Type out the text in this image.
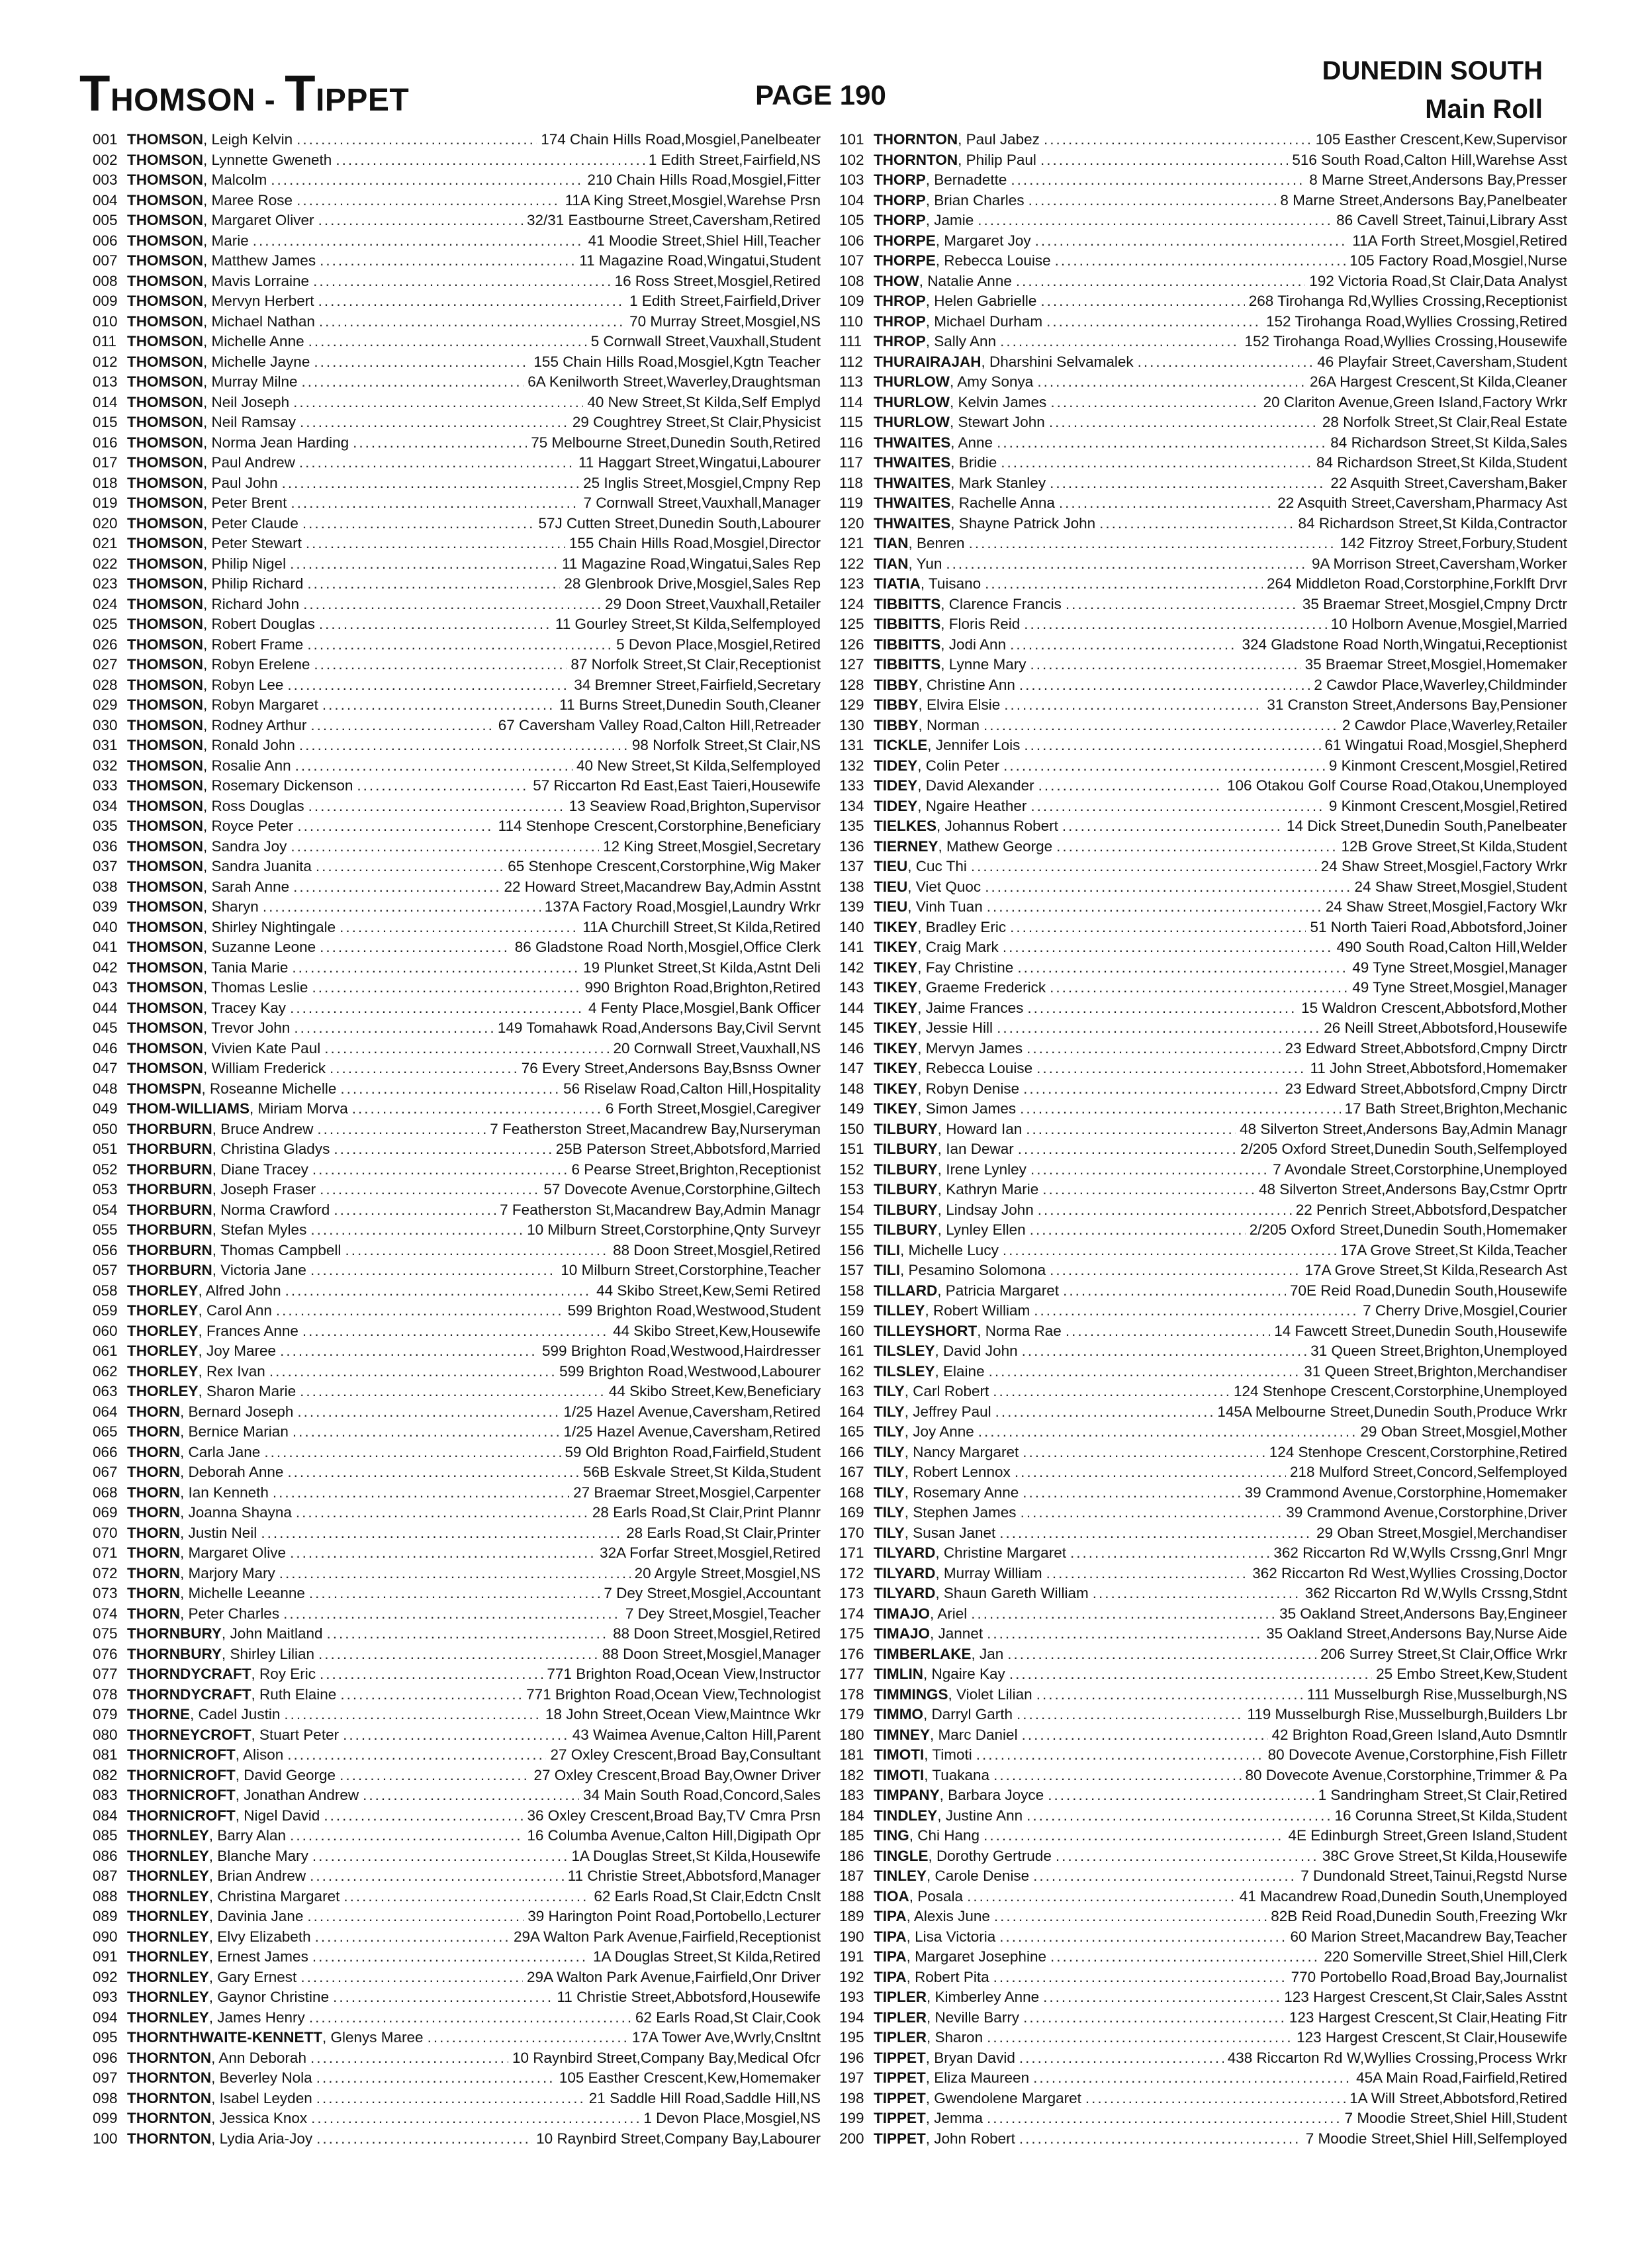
THOMSON - TIPPET	PAGE 190
DUNEDIN SOUTH
Main Roll
001 THOMSON, Leigh Kelvin .....	174 Chain Hills Road,Mosgiel,Panelbeater
002 THOMSON, Lynnette Gweneth .....	1 Edith Street,Fairfield,NS
003 THOMSON, Malcolm .....	210 Chain Hills Road,Mosgiel,Fitter
004 THOMSON, Maree Rose .....	11A King Street,Mosgiel,Warehse Prsn
005 THOMSON, Margaret Oliver .....	32/31 Eastbourne Street,Caversham,Retired
006 THOMSON, Marie .....	41 Moodie Street,Shiel Hill,Teacher
007 THOMSON, Matthew James .....	11 Magazine Road,Wingatui,Student
008 THOMSON, Mavis Lorraine .....	16 Ross Street,Mosgiel,Retired
009 THOMSON, Mervyn Herbert .....	1 Edith Street,Fairfield,Driver
010 THOMSON, Michael Nathan .....	70 Murray Street,Mosgiel,NS
011 THOMSON, Michelle Anne .....	5 Cornwall Street,Vauxhall,Student
012 THOMSON, Michelle Jayne .....	155 Chain Hills Road,Mosgiel,Kgtn Teacher
013 THOMSON, Murray Milne .....	6A Kenilworth Street,Waverley,Draughtsman
014 THOMSON, Neil Joseph .....	40 New Street,St Kilda,Self Emplyd
015 THOMSON, Neil Ramsay .....	29 Coughtrey Street,St Clair,Physicist
016 THOMSON, Norma Jean Harding .....	75 Melbourne Street,Dunedin South,Retired
017 THOMSON, Paul Andrew .....	11 Haggart Street,Wingatui,Labourer
018 THOMSON, Paul John .....	25 Inglis Street,Mosgiel,Cmpny Rep
019 THOMSON, Peter Brent .....	7 Cornwall Street,Vauxhall,Manager
020 THOMSON, Peter Claude .....	57J Cutten Street,Dunedin South,Labourer
021 THOMSON, Peter Stewart .....	155 Chain Hills Road,Mosgiel,Director
022 THOMSON, Philip Nigel .....	11 Magazine Road,Wingatui,Sales Rep
023 THOMSON, Philip Richard .....	28 Glenbrook Drive,Mosgiel,Sales Rep
024 THOMSON, Richard John .....	29 Doon Street,Vauxhall,Retailer
025 THOMSON, Robert Douglas .....	11 Gourley Street,St Kilda,Selfemployed
026 THOMSON, Robert Frame .....	5 Devon Place,Mosgiel,Retired
027 THOMSON, Robyn Erelene .....	87 Norfolk Street,St Clair,Receptionist
028 THOMSON, Robyn Lee .....	34 Bremner Street,Fairfield,Secretary
029 THOMSON, Robyn Margaret .....	11 Burns Street,Dunedin South,Cleaner
030 THOMSON, Rodney Arthur .....	67 Caversham Valley Road,Calton Hill,Retreader
031 THOMSON, Ronald John .....	98 Norfolk Street,St Clair,NS
032 THOMSON, Rosalie Ann .....	40 New Street,St Kilda,Selfemployed
033 THOMSON, Rosemary Dickenson .....	57 Riccarton Rd East,East Taieri,Housewife
034 THOMSON, Ross Douglas .....	13 Seaview Road,Brighton,Supervisor
035 THOMSON, Royce Peter .....	114 Stenhope Crescent,Corstorphine,Beneficiary
036 THOMSON, Sandra Joy .....	12 King Street,Mosgiel,Secretary
037 THOMSON, Sandra Juanita .....	65 Stenhope Crescent,Corstorphine,Wig Maker
038 THOMSON, Sarah Anne .....	22 Howard Street,Macandrew Bay,Admin Asstnt
039 THOMSON, Sharyn .....	137A Factory Road,Mosgiel,Laundry Wrkr
040 THOMSON, Shirley Nightingale .....	11A Churchill Street,St Kilda,Retired
041 THOMSON, Suzanne Leone .....	86 Gladstone Road North,Mosgiel,Office Clerk
042 THOMSON, Tania Marie .....	19 Plunket Street,St Kilda,Astnt Deli
043 THOMSON, Thomas Leslie .....	990 Brighton Road,Brighton,Retired
044 THOMSON, Tracey Kay .....	4 Fenty Place,Mosgiel,Bank Officer
045 THOMSON, Trevor John .....	149 Tomahawk Road,Andersons Bay,Civil Servnt
046 THOMSON, Vivien Kate Paul .....	20 Cornwall Street,Vauxhall,NS
047 THOMSON, William Frederick .....	76 Every Street,Andersons Bay,Bsnss Owner
048 THOMSPN, Roseanne Michelle .....	56 Riselaw Road,Calton Hill,Hospitality
049 THOM-WILLIAMS, Miriam Morva .....	6 Forth Street,Mosgiel,Caregiver
050 THORBURN, Bruce Andrew .....	7 Featherston Street,Macandrew Bay,Nurseryman
051 THORBURN, Christina Gladys .....	25B Paterson Street,Abbotsford,Married
052 THORBURN, Diane Tracey .....	6 Pearse Street,Brighton,Receptionist
053 THORBURN, Joseph Fraser .....	57 Dovecote Avenue,Corstorphine,Giltech
054 THORBURN, Norma Crawford .....	7 Featherston St,Macandrew Bay,Admin Managr
055 THORBURN, Stefan Myles .....	10 Milburn Street,Corstorphine,Qnty Surveyr
056 THORBURN, Thomas Campbell .....	88 Doon Street,Mosgiel,Retired
057 THORBURN, Victoria Jane .....	10 Milburn Street,Corstorphine,Teacher
058 THORLEY, Alfred John .....	44 Skibo Street,Kew,Semi Retired
059 THORLEY, Carol Ann .....	599 Brighton Road,Westwood,Student
060 THORLEY, Frances Anne .....	44 Skibo Street,Kew,Housewife
061 THORLEY, Joy Maree .....	599 Brighton Road,Westwood,Hairdresser
062 THORLEY, Rex Ivan .....	599 Brighton Road,Westwood,Labourer
063 THORLEY, Sharon Marie .....	44 Skibo Street,Kew,Beneficiary
064 THORN, Bernard Joseph .....	1/25 Hazel Avenue,Caversham,Retired
065 THORN, Bernice Marian .....	1/25 Hazel Avenue,Caversham,Retired
066 THORN, Carla Jane .....	59 Old Brighton Road,Fairfield,Student
067 THORN, Deborah Anne .....	56B Eskvale Street,St Kilda,Student
068 THORN, Ian Kenneth .....	27 Braemar Street,Mosgiel,Carpenter
069 THORN, Joanna Shayna .....	28 Earls Road,St Clair,Print Plannr
070 THORN, Justin Neil .....	28 Earls Road,St Clair,Printer
071 THORN, Margaret Olive .....	32A Forfar Street,Mosgiel,Retired
072 THORN, Marjory Mary .....	20 Argyle Street,Mosgiel,NS
073 THORN, Michelle Leeanne .....	7 Dey Street,Mosgiel,Accountant
074 THORN, Peter Charles .....	7 Dey Street,Mosgiel,Teacher
075 THORNBURY, John Maitland .....	88 Doon Street,Mosgiel,Retired
076 THORNBURY, Shirley Lilian .....	88 Doon Street,Mosgiel,Manager
077 THORNDYCRAFT, Roy Eric .....	771 Brighton Road,Ocean View,Instructor
078 THORNDYCRAFT, Ruth Elaine .....	771 Brighton Road,Ocean View,Technologist
079 THORNE, Cadel Justin .....	18 John Street,Ocean View,Maintnce Wkr
080 THORNEYCROFT, Stuart Peter .....	43 Waimea Avenue,Calton Hill,Parent
081 THORNICROFT, Alison .....	27 Oxley Crescent,Broad Bay,Consultant
082 THORNICROFT, David George .....	27 Oxley Crescent,Broad Bay,Owner Driver
083 THORNICROFT, Jonathan Andrew .....	34 Main South Road,Concord,Sales
084 THORNICROFT, Nigel David .....	36 Oxley Crescent,Broad Bay,TV Cmra Prsn
085 THORNLEY, Barry Alan .....	16 Columba Avenue,Calton Hill,Digipath Opr
086 THORNLEY, Blanche Mary .....	1A Douglas Street,St Kilda,Housewife
087 THORNLEY, Brian Andrew .....	11 Christie Street,Abbotsford,Manager
088 THORNLEY, Christina Margaret .....	62 Earls Road,St Clair,Edctn Cnslt
089 THORNLEY, Davinia Jane .....	39 Harington Point Road,Portobello,Lecturer
090 THORNLEY, Elvy Elizabeth .....	29A Walton Park Avenue,Fairfield,Receptionist
091 THORNLEY, Ernest James .....	1A Douglas Street,St Kilda,Retired
092 THORNLEY, Gary Ernest .....	29A Walton Park Avenue,Fairfield,Onr Driver
093 THORNLEY, Gaynor Christine .....	11 Christie Street,Abbotsford,Housewife
094 THORNLEY, James Henry .....	62 Earls Road,St Clair,Cook
095 THORNTHWAITE-KENNETT, Glenys Maree .....	17A Tower Ave,Wvrly,Cnsltnt
096 THORNTON, Ann Deborah .....	10 Raynbird Street,Company Bay,Medical Ofcr
097 THORNTON, Beverley Nola .....	105 Easther Crescent,Kew,Homemaker
098 THORNTON, Isabel Leyden .....	21 Saddle Hill Road,Saddle Hill,NS
099 THORNTON, Jessica Knox .....	1 Devon Place,Mosgiel,NS
100 THORNTON, Lydia Aria-Joy .....	10 Raynbird Street,Company Bay,Labourer
101 THORNTON, Paul Jabez .....	105 Easther Crescent,Kew,Supervisor
102 THORNTON, Philip Paul .....	516 South Road,Calton Hill,Warehse Asst
103 THORP, Bernadette .....	8 Marne Street,Andersons Bay,Presser
104 THORP, Brian Charles .....	8 Marne Street,Andersons Bay,Panelbeater
105 THORP, Jamie .....	86 Cavell Street,Tainui,Library Asst
106 THORPE, Margaret Joy .....	11A Forth Street,Mosgiel,Retired
107 THORPE, Rebecca Louise .....	105 Factory Road,Mosgiel,Nurse
108 THOW, Natalie Anne .....	192 Victoria Road,St Clair,Data Analyst
109 THROP, Helen Gabrielle .....	268 Tirohanga Rd,Wyllies Crossing,Receptionist
110 THROP, Michael Durham .....	152 Tirohanga Road,Wyllies Crossing,Retired
111 THROP, Sally Ann .....	152 Tirohanga Road,Wyllies Crossing,Housewife
112 THURAIRAJAH, Dharshini Selvamalek .....	46 Playfair Street,Caversham,Student
113 THURLOW, Amy Sonya .....	26A Hargest Crescent,St Kilda,Cleaner
114 THURLOW, Kelvin James .....	20 Clariton Avenue,Green Island,Factory Wrkr
115 THURLOW, Stewart John .....	28 Norfolk Street,St Clair,Real Estate
116 THWAITES, Anne .....	84 Richardson Street,St Kilda,Sales
117 THWAITES, Bridie .....	84 Richardson Street,St Kilda,Student
118 THWAITES, Mark Stanley .....	22 Asquith Street,Caversham,Baker
119 THWAITES, Rachelle Anna .....	22 Asquith Street,Caversham,Pharmacy Ast
120 THWAITES, Shayne Patrick John .....	84 Richardson Street,St Kilda,Contractor
121 TIAN, Benren .....	142 Fitzroy Street,Forbury,Student
122 TIAN, Yun .....	9A Morrison Street,Caversham,Worker
123 TIATIA, Tuisano .....	264 Middleton Road,Corstorphine,Forklft Drvr
124 TIBBITTS, Clarence Francis .....	35 Braemar Street,Mosgiel,Cmpny Drctr
125 TIBBITTS, Floris Reid .....	10 Holborn Avenue,Mosgiel,Married
126 TIBBITTS, Jodi Ann .....	324 Gladstone Road North,Wingatui,Receptionist
127 TIBBITTS, Lynne Mary .....	35 Braemar Street,Mosgiel,Homemaker
128 TIBBY, Christine Ann .....	2 Cawdor Place,Waverley,Childminder
129 TIBBY, Elvira Elsie .....	31 Cranston Street,Andersons Bay,Pensioner
130 TIBBY, Norman .....	2 Cawdor Place,Waverley,Retailer
131 TICKLE, Jennifer Lois .....	61 Wingatui Road,Mosgiel,Shepherd
132 TIDEY, Colin Peter .....	9 Kinmont Crescent,Mosgiel,Retired
133 TIDEY, David Alexander .....	106 Otakou Golf Course Road,Otakou,Unemployed
134 TIDEY, Ngaire Heather .....	9 Kinmont Crescent,Mosgiel,Retired
135 TIELKES, Johannus Robert .....	14 Dick Street,Dunedin South,Panelbeater
136 TIERNEY, Mathew George .....	12B Grove Street,St Kilda,Student
137 TIEU, Cuc Thi .....	24 Shaw Street,Mosgiel,Factory Wrkr
138 TIEU, Viet Quoc .....	24 Shaw Street,Mosgiel,Student
139 TIEU, Vinh Tuan .....	24 Shaw Street,Mosgiel,Factory Wkr
140 TIKEY, Bradley Eric .....	51 North Taieri Road,Abbotsford,Joiner
141 TIKEY, Craig Mark .....	490 South Road,Calton Hill,Welder
142 TIKEY, Fay Christine .....	49 Tyne Street,Mosgiel,Manager
143 TIKEY, Graeme Frederick .....	49 Tyne Street,Mosgiel,Manager
144 TIKEY, Jaime Frances .....	15 Waldron Crescent,Abbotsford,Mother
145 TIKEY, Jessie Hill .....	26 Neill Street,Abbotsford,Housewife
146 TIKEY, Mervyn James .....	23 Edward Street,Abbotsford,Cmpny Dirctr
147 TIKEY, Rebecca Louise .....	11 John Street,Abbotsford,Homemaker
148 TIKEY, Robyn Denise .....	23 Edward Street,Abbotsford,Cmpny Dirctr
149 TIKEY, Simon James .....	17 Bath Street,Brighton,Mechanic
150 TILBURY, Howard Ian .....	48 Silverton Street,Andersons Bay,Admin Managr
151 TILBURY, Ian Dewar .....	2/205 Oxford Street,Dunedin South,Selfemployed
152 TILBURY, Irene Lynley .....	7 Avondale Street,Corstorphine,Unemployed
153 TILBURY, Kathryn Marie .....	48 Silverton Street,Andersons Bay,Cstmr Oprtr
154 TILBURY, Lindsay John .....	22 Penrich Street,Abbotsford,Despatcher
155 TILBURY, Lynley Ellen .....	2/205 Oxford Street,Dunedin South,Homemaker
156 TILI, Michelle Lucy .....	17A Grove Street,St Kilda,Teacher
157 TILI, Pesamino Solomona .....	17A Grove Street,St Kilda,Research Ast
158 TILLARD, Patricia Margaret .....	70E Reid Road,Dunedin South,Housewife
159 TILLEY, Robert William .....	7 Cherry Drive,Mosgiel,Courier
160 TILLEYSHORT, Norma Rae .....	14 Fawcett Street,Dunedin South,Housewife
161 TILSLEY, David John .....	31 Queen Street,Brighton,Unemployed
162 TILSLEY, Elaine .....	31 Queen Street,Brighton,Merchandiser
163 TILY, Carl Robert .....	124 Stenhope Crescent,Corstorphine,Unemployed
164 TILY, Jeffrey Paul .....	145A Melbourne Street,Dunedin South,Produce Wrkr
165 TILY, Joy Anne .....	29 Oban Street,Mosgiel,Mother
166 TILY, Nancy Margaret .....	124 Stenhope Crescent,Corstorphine,Retired
167 TILY, Robert Lennox .....	218 Mulford Street,Concord,Selfemployed
168 TILY, Rosemary Anne .....	39 Crammond Avenue,Corstorphine,Homemaker
169 TILY, Stephen James .....	39 Crammond Avenue,Corstorphine,Driver
170 TILY, Susan Janet .....	29 Oban Street,Mosgiel,Merchandiser
171 TILYARD, Christine Margaret .....	362 Riccarton Rd W,Wylls Crssng,Gnrl Mngr
172 TILYARD, Murray William .....	362 Riccarton Rd West,Wyllies Crossing,Doctor
173 TILYARD, Shaun Gareth William .....	362 Riccarton Rd W,Wylls Crssng,Stdnt
174 TIMAJO, Ariel .....	35 Oakland Street,Andersons Bay,Engineer
175 TIMAJO, Jannet .....	35 Oakland Street,Andersons Bay,Nurse Aide
176 TIMBERLAKE, Jan .....	206 Surrey Street,St Clair,Office Wrkr
177 TIMLIN, Ngaire Kay .....	25 Embo Street,Kew,Student
178 TIMMINGS, Violet Lilian .....	111 Musselburgh Rise,Musselburgh,NS
179 TIMMO, Darryl Garth .....	119 Musselburgh Rise,Musselburgh,Builders Lbr
180 TIMNEY, Marc Daniel .....	42 Brighton Road,Green Island,Auto Dsmntlr
181 TIMOTI, Timoti .....	80 Dovecote Avenue,Corstorphine,Fish Filletr
182 TIMOTI, Tuakana .....	80 Dovecote Avenue,Corstorphine,Trimmer & Pa
183 TIMPANY, Barbara Joyce .....	1 Sandringham Street,St Clair,Retired
184 TINDLEY, Justine Ann .....	16 Corunna Street,St Kilda,Student
185 TING, Chi Hang .....	4E Edinburgh Street,Green Island,Student
186 TINGLE, Dorothy Gertrude .....	38C Grove Street,St Kilda,Housewife
187 TINLEY, Carole Denise .....	7 Dundonald Street,Tainui,Regstd Nurse
188 TIOA, Posala .....	41 Macandrew Road,Dunedin South,Unemployed
189 TIPA, Alexis June .....	82B Reid Road,Dunedin South,Freezing Wkr
190 TIPA, Lisa Victoria .....	60 Marion Street,Macandrew Bay,Teacher
191 TIPA, Margaret Josephine .....	220 Somerville Street,Shiel Hill,Clerk
192 TIPA, Robert Pita .....	770 Portobello Road,Broad Bay,Journalist
193 TIPLER, Kimberley Anne .....	123 Hargest Crescent,St Clair,Sales Asstnt
194 TIPLER, Neville Barry .....	123 Hargest Crescent,St Clair,Heating Fitr
195 TIPLER, Sharon .....	123 Hargest Crescent,St Clair,Housewife
196 TIPPET, Bryan David .....	438 Riccarton Rd W,Wyllies Crossing,Process Wrkr
197 TIPPET, Eliza Maureen .....	45A Main Road,Fairfield,Retired
198 TIPPET, Gwendolene Margaret .....	1A Will Street,Abbotsford,Retired
199 TIPPET, Jemma .....	7 Moodie Street,Shiel Hill,Student
200 TIPPET, John Robert .....	7 Moodie Street,Shiel Hill,Selfemployed
